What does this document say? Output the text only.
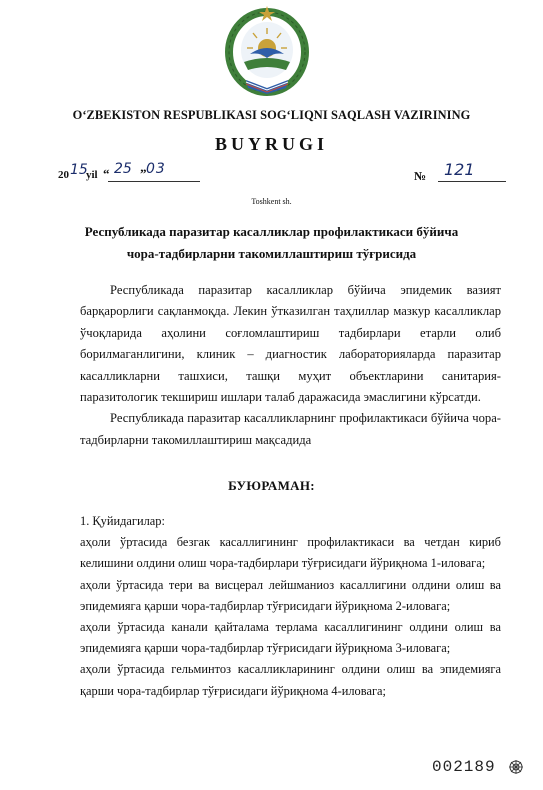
O‘ZBEKISTON RESPUBLIKASI SOG‘LIQNI SAQLASH VAZIRINING
BUYRUGI
20 15
yil “ 25 ” 03	№ 121
Toshkent sh.
Республикада паразитар касалликлар профилактикаси бўйича
чора-тадбирларни такомиллаштириш тўғрисида

Республикада паразитар касалликлар бўйича эпидемик вазият барқарорлиги сақланмоқда. Лекин ўтказилган таҳлиллар мазкур касалликлар ўчоқларида аҳолини соғломлаштириш тадбирлари етарли олиб борилмаганлигини, клиник – диагностик лабораторияларда паразитар касалликларни ташхиси, ташқи муҳит объектларини санитария-паразитологик текшириш ишлари талаб даражасида эмаслигини кўрсатди.

Республикада паразитар касалликларнинг профилактикаси бўйича чора-тадбирларни такомиллаштириш мақсадида

БУЮРАМАН:

1. Қуйидагилар:

аҳоли ўртасида безгак касаллигининг профилактикаси ва четдан кириб келишини олдини олиш чора-тадбирлари тўғрисидаги йўриқнома 1-иловага;

аҳоли ўртасида тери ва висцерал лейшманиоз касаллигини олдини олиш ва эпидемияга қарши чора-тадбирлар тўғрисидаги йўриқнома 2-иловага;

аҳоли ўртасида канали қайталама терлама касаллигининг олдини олиш ва эпидемияга қарши чора-тадбирлар тўғрисидаги йўриқнома 3-иловага;

аҳоли ўртасида гельминтоз касалликларининг олдини олиш ва эпидемияга қарши чора-тадбирлар тўғрисидаги йўриқнома 4-иловага;

002189
